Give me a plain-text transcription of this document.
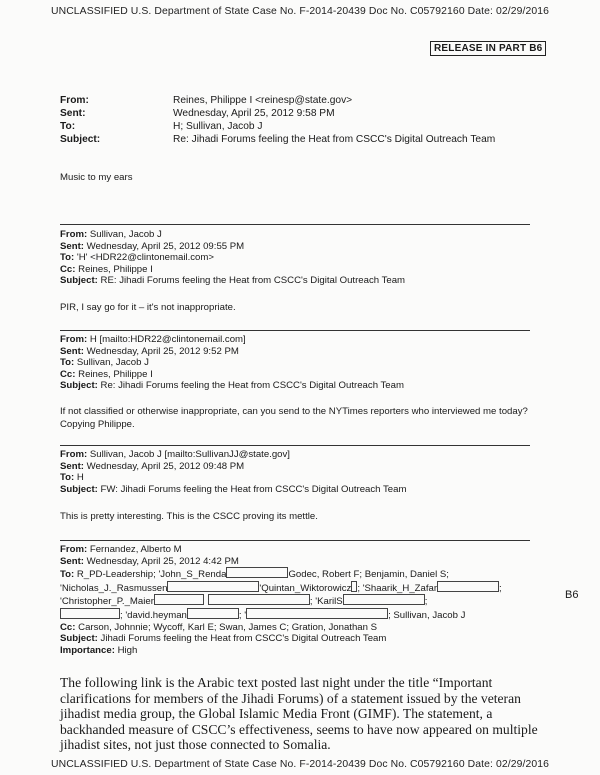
UNCLASSIFIED U.S. Department of State Case No. F-2014-20439 Doc No. C05792160 Date: 02/29/2016
RELEASE IN PART B6
From:	Reines, Philippe I <reinesp@state.gov>
Sent:	Wednesday, April 25, 2012 9:58 PM
To:	H; Sullivan, Jacob J
Subject:	Re: Jihadi Forums feeling the Heat from CSCC's Digital Outreach Team
Music to my ears
From: Sullivan, Jacob J
Sent: Wednesday, April 25, 2012 09:55 PM
To: 'H' <HDR22@clintonemail.com>
Cc: Reines, Philippe I
Subject: RE: Jihadi Forums feeling the Heat from CSCC's Digital Outreach Team
PIR, I say go for it – it's not inappropriate.
From: H [mailto:HDR22@clintonemail.com]
Sent: Wednesday, April 25, 2012 9:52 PM
To: Sullivan, Jacob J
Cc: Reines, Philippe I
Subject: Re: Jihadi Forums feeling the Heat from CSCC's Digital Outreach Team
If not classified or otherwise inappropriate, can you send to the NYTimes reporters who interviewed me today? Copying Philippe.
From: Sullivan, Jacob J [mailto:SullivanJJ@state.gov]
Sent: Wednesday, April 25, 2012 09:48 PM
To: H
Subject: FW: Jihadi Forums feeling the Heat from CSCC's Digital Outreach Team
This is pretty interesting. This is the CSCC proving its mettle.
From: Fernandez, Alberto M
Sent: Wednesday, April 25, 2012 4:42 PM
To: R_PD-Leadership; 'John_S_Renda	Godec, Robert F; Benjamin, Daniel S;
'Nicholas_J._Rasmussen	'Quintan_Wiktorowicz ; 'Shaarik_H_Zafar	;
'Christopher_P._Maier	; 'KarilS	;
; 'david.heyman	; '	; Sullivan, Jacob J
Cc: Carson, Johnnie; Wycoff, Karl E; Swan, James C; Gration, Jonathan S
Subject: Jihadi Forums feeling the Heat from CSCC's Digital Outreach Team
Importance: High
B6
The following link is the Arabic text posted last night under the title “Important clarifications for members of the Jihadi Forums) of a statement issued by the veteran jihadist media group, the Global Islamic Media Front (GIMF). The statement, a backhanded measure of CSCC’s effectiveness, seems to have now appeared on multiple jihadist sites, not just those connected to Somalia.
UNCLASSIFIED U.S. Department of State Case No. F-2014-20439 Doc No. C05792160 Date: 02/29/2016
